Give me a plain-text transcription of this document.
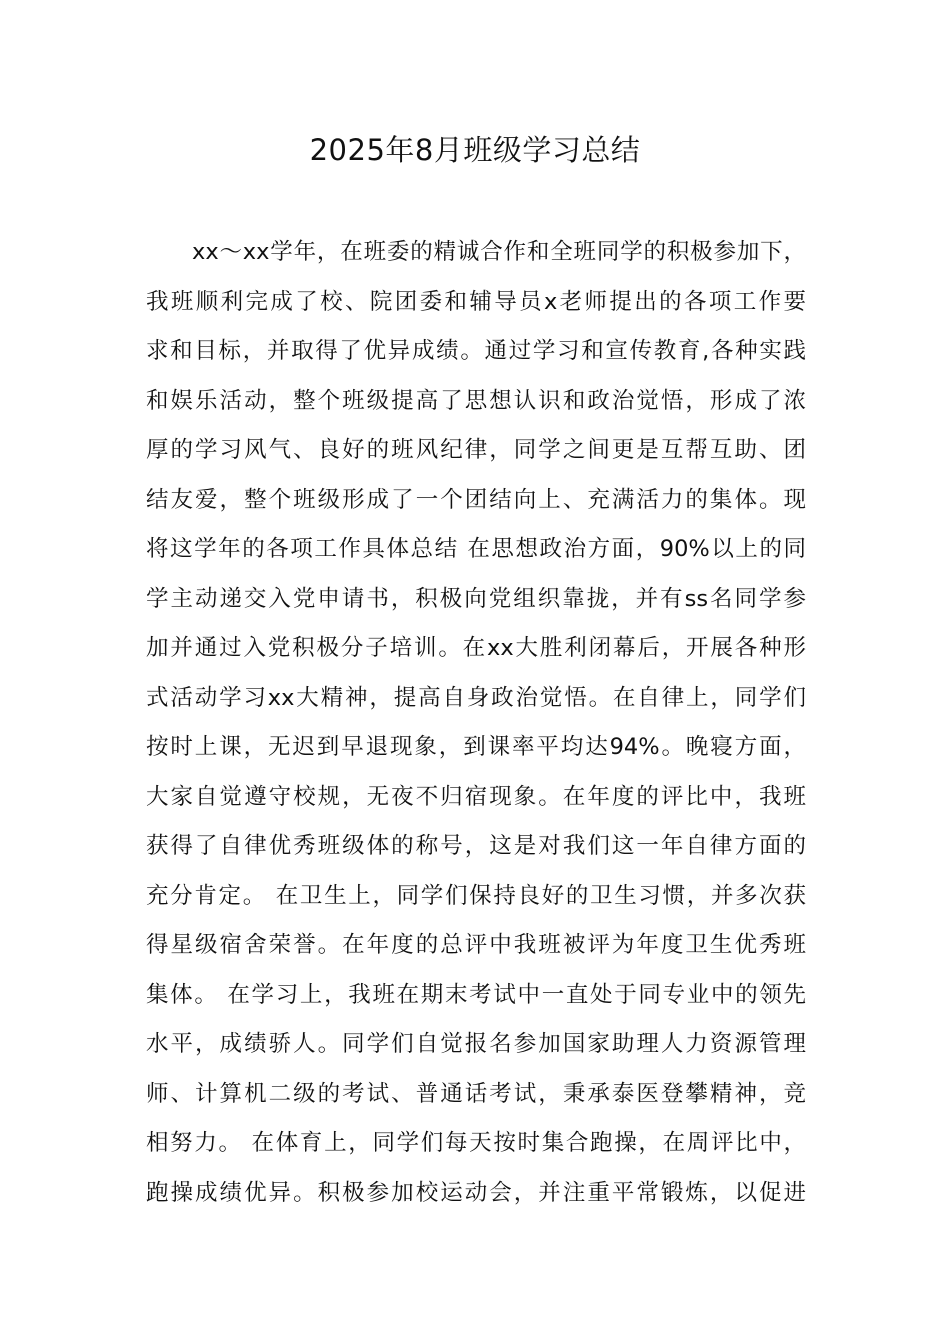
2025年8月班级学习总结
xx～xx学年，在班委的精诚合作和全班同学的积极参加下，
我班顺利完成了校、院团委和辅导员x老师提出的各项工作要
求和目标，并取得了优异成绩。通过学习和宣传教育,各种实践
和娱乐活动，整个班级提高了思想认识和政治觉悟，形成了浓
厚的学习风气、良好的班风纪律，同学之间更是互帮互助、团
结友爱，整个班级形成了一个团结向上、充满活力的集体。现
将这学年的各项工作具体总结 在思想政治方面，90%以上的同
学主动递交入党申请书，积极向党组织靠拢，并有ss名同学参
加并通过入党积极分子培训。在xx大胜利闭幕后，开展各种形
式活动学习xx大精神，提高自身政治觉悟。在自律上，同学们
按时上课，无迟到早退现象，到课率平均达94%。晚寝方面，
大家自觉遵守校规，无夜不归宿现象。在年度的评比中，我班
获得了自律优秀班级体的称号，这是对我们这一年自律方面的
充分肯定。 在卫生上，同学们保持良好的卫生习惯，并多次获
得星级宿舍荣誉。在年度的总评中我班被评为年度卫生优秀班
集体。 在学习上，我班在期末考试中一直处于同专业中的领先
水平，成绩骄人。同学们自觉报名参加国家助理人力资源管理
师、计算机二级的考试、普通话考试，秉承泰医登攀精神，竞
相努力。 在体育上，同学们每天按时集合跑操，在周评比中，
跑操成绩优异。积极参加校运动会，并注重平常锻炼，以促进
